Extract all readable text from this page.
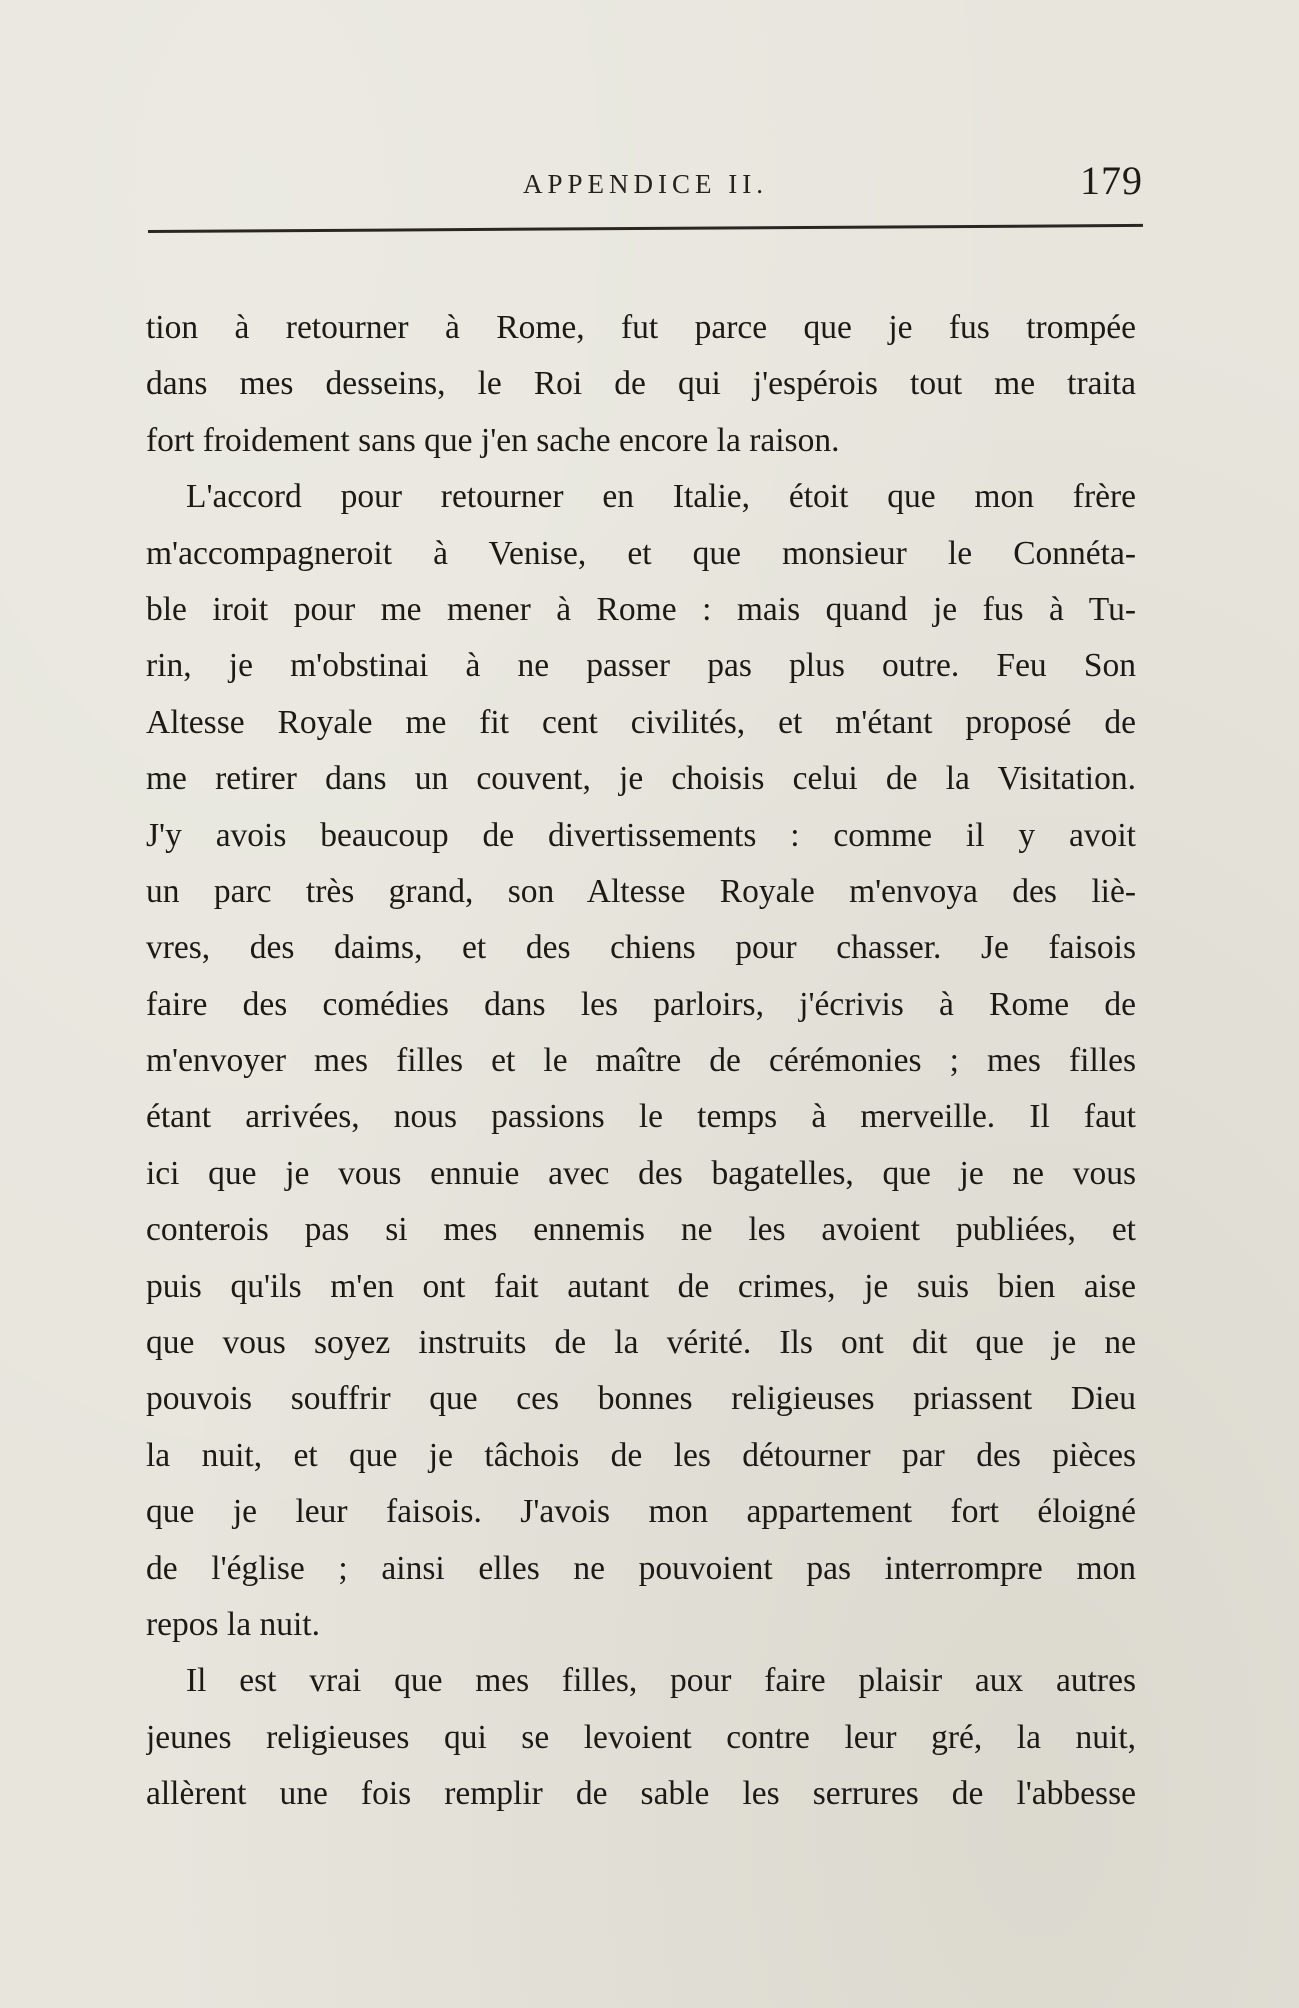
APPENDICE II.	179
tion à retourner à Rome, fut parce que je fus trompée
dans mes desseins, le Roi de qui j'espérois tout me traita
fort froidement sans que j'en sache encore la raison.
L'accord pour retourner en Italie, étoit que mon frère
m'accompagneroit à Venise, et que monsieur le Connéta-
ble iroit pour me mener à Rome : mais quand je fus à Tu-
rin, je m'obstinai à ne passer pas plus outre. Feu Son
Altesse Royale me fit cent civilités, et m'étant proposé de
me retirer dans un couvent, je choisis celui de la Visitation.
J'y avois beaucoup de divertissements : comme il y avoit
un parc très grand, son Altesse Royale m'envoya des liè-
vres, des daims, et des chiens pour chasser. Je faisois
faire des comédies dans les parloirs, j'écrivis à Rome de
m'envoyer mes filles et le maître de cérémonies ; mes filles
étant arrivées, nous passions le temps à merveille. Il faut
ici que je vous ennuie avec des bagatelles, que je ne vous
conterois pas si mes ennemis ne les avoient publiées, et
puis qu'ils m'en ont fait autant de crimes, je suis bien aise
que vous soyez instruits de la vérité. Ils ont dit que je ne
pouvois souffrir que ces bonnes religieuses priassent Dieu
la nuit, et que je tâchois de les détourner par des pièces
que je leur faisois. J'avois mon appartement fort éloigné
de l'église ; ainsi elles ne pouvoient pas interrompre mon
repos la nuit.
Il est vrai que mes filles, pour faire plaisir aux autres
jeunes religieuses qui se levoient contre leur gré, la nuit,
allèrent une fois remplir de sable les serrures de l'abbesse
